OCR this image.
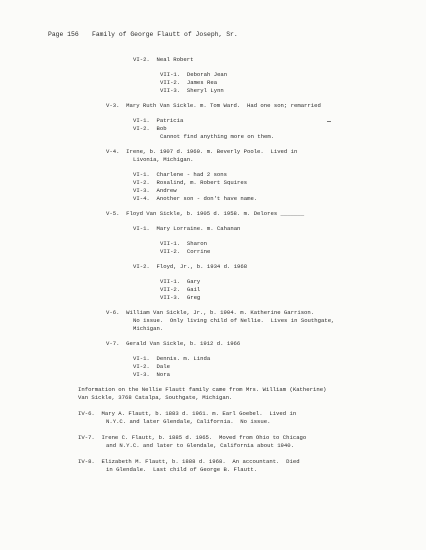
Page 156 Family of George Flautt of Joseph, Sr.
VI-2.  Neal Robert
VII-1.  Deborah Jean
VII-2.  James Rea
VII-3.  Sheryl Lynn
V-3.  Mary Ruth Van Sickle. m. Tom Ward.  Had one son; remarried
VI-1.  Patricia
VI-2.  Bob
Cannot find anything more on them.
V-4.  Irene, b. 1907 d. 1960. m. Beverly Poole.  Lived in
Livonia, Michigan.
VI-1.  Charlene - had 2 sons
VI-2.  Rosalind, m. Robert Squires
VI-3.  Andrew
VI-4.  Another son - don't have name.
V-5.  Floyd Van Sickle, b. 1905 d. 1958. m. Delores _______
VI-1.  Mary Lorraine. m. Cahanan
VII-1.  Sharon
VII-2.  Corrine
VI-2.  Floyd, Jr., b. 1934 d. 1968
VII-1.  Gary
VII-2.  Gail
VII-3.  Greg
V-6.  William Van Sickle, Jr., b. 1904. m. Katherine Garrison.
No issue.  Only living child of Nellie.  Lives in Southgate,
Michigan.
V-7.  Gerald Van Sickle, b. 1912 d. 1966
VI-1.  Dennis. m. Linda
VI-2.  Dale
VI-3.  Nora
Information on the Nellie Flautt family came from Mrs. William (Katherine)
Van Sickle, 3768 Catalpa, Southgate, Michigan.
IV-6.  Mary A. Flautt, b. 1883 d. 1961. m. Earl Goebel.  Lived in
N.Y.C. and later Glendale, California.  No issue.
IV-7.  Irene C. Flautt, b. 1885 d. 1965.  Moved from Ohio to Chicago
and N.Y.C. and later to Glendale, California about 1940.
IV-8.  Elizabeth M. Flautt, b. 1888 d. 1968.  An accountant.  Died
in Glendale.  Last child of George B. Flautt.
